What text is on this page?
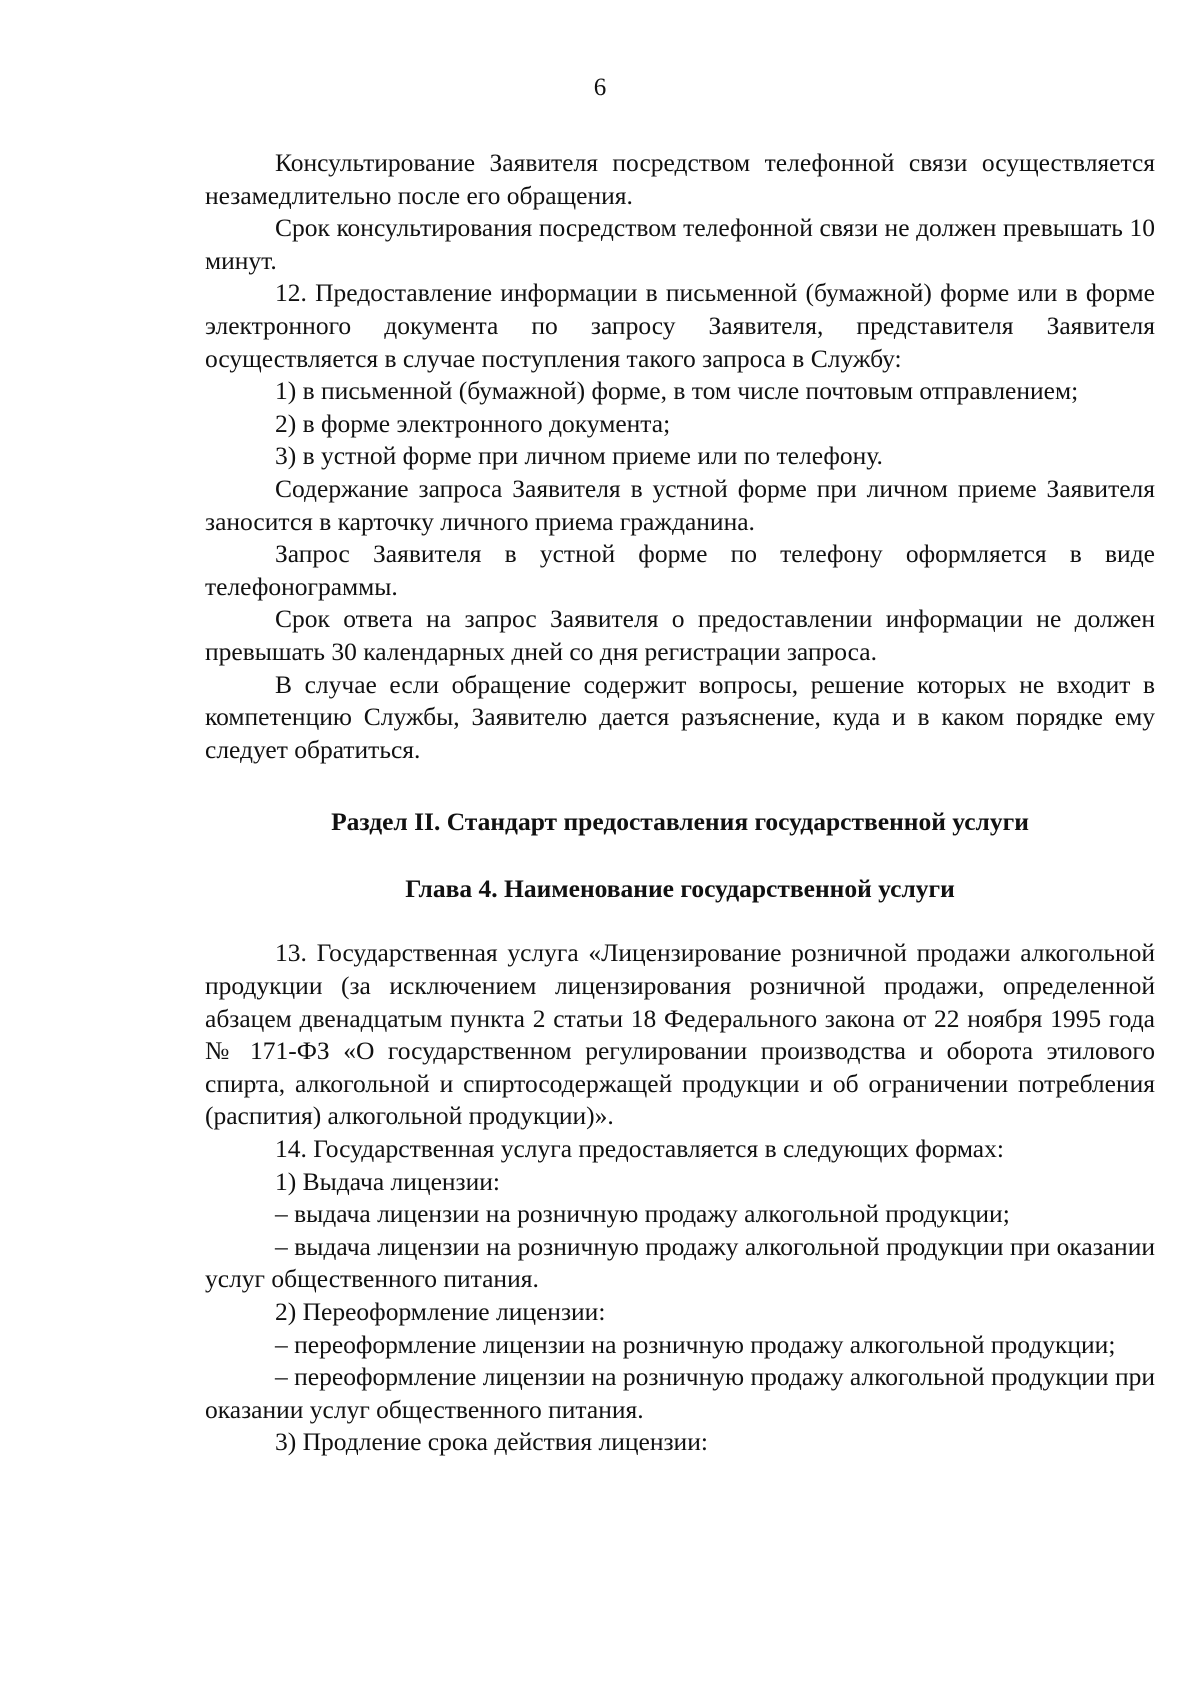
6

Консультирование Заявителя посредством телефонной связи осуществляется незамедлительно после его обращения.

Срок консультирования посредством телефонной связи не должен превышать 10 минут.

12. Предоставление информации в письменной (бумажной) форме или в форме электронного документа по запросу Заявителя, представителя Заявителя осуществляется в случае поступления такого запроса в Службу:

1) в письменной (бумажной) форме, в том числе почтовым отправлением;

2) в форме электронного документа;

3) в устной форме при личном приеме или по телефону.

Содержание запроса Заявителя в устной форме при личном приеме Заявителя заносится в карточку личного приема гражданина.

Запрос Заявителя в устной форме по телефону оформляется в виде телефонограммы.

Срок ответа на запрос Заявителя о предоставлении информации не должен превышать 30 календарных дней со дня регистрации запроса.

В случае если обращение содержит вопросы, решение которых не входит в компетенцию Службы, Заявителю дается разъяснение, куда и в каком порядке ему следует обратиться.

Раздел II. Стандарт предоставления государственной услуги

Глава 4. Наименование государственной услуги

13. Государственная услуга «Лицензирование розничной продажи алкогольной продукции (за исключением лицензирования розничной продажи, определенной абзацем двенадцатым пункта 2 статьи 18 Федерального закона от 22 ноября 1995 года № 171-ФЗ «О государственном регулировании производства и оборота этилового спирта, алкогольной и спиртосодержащей продукции и об ограничении потребления (распития) алкогольной продукции)».

14. Государственная услуга предоставляется в следующих формах:

1) Выдача лицензии:

– выдача лицензии на розничную продажу алкогольной продукции;

– выдача лицензии на розничную продажу алкогольной продукции при оказании услуг общественного питания.

2) Переоформление лицензии:

– переоформление лицензии на розничную продажу алкогольной продукции;

– переоформление лицензии на розничную продажу алкогольной продукции при оказании услуг общественного питания.

3) Продление срока действия лицензии:
